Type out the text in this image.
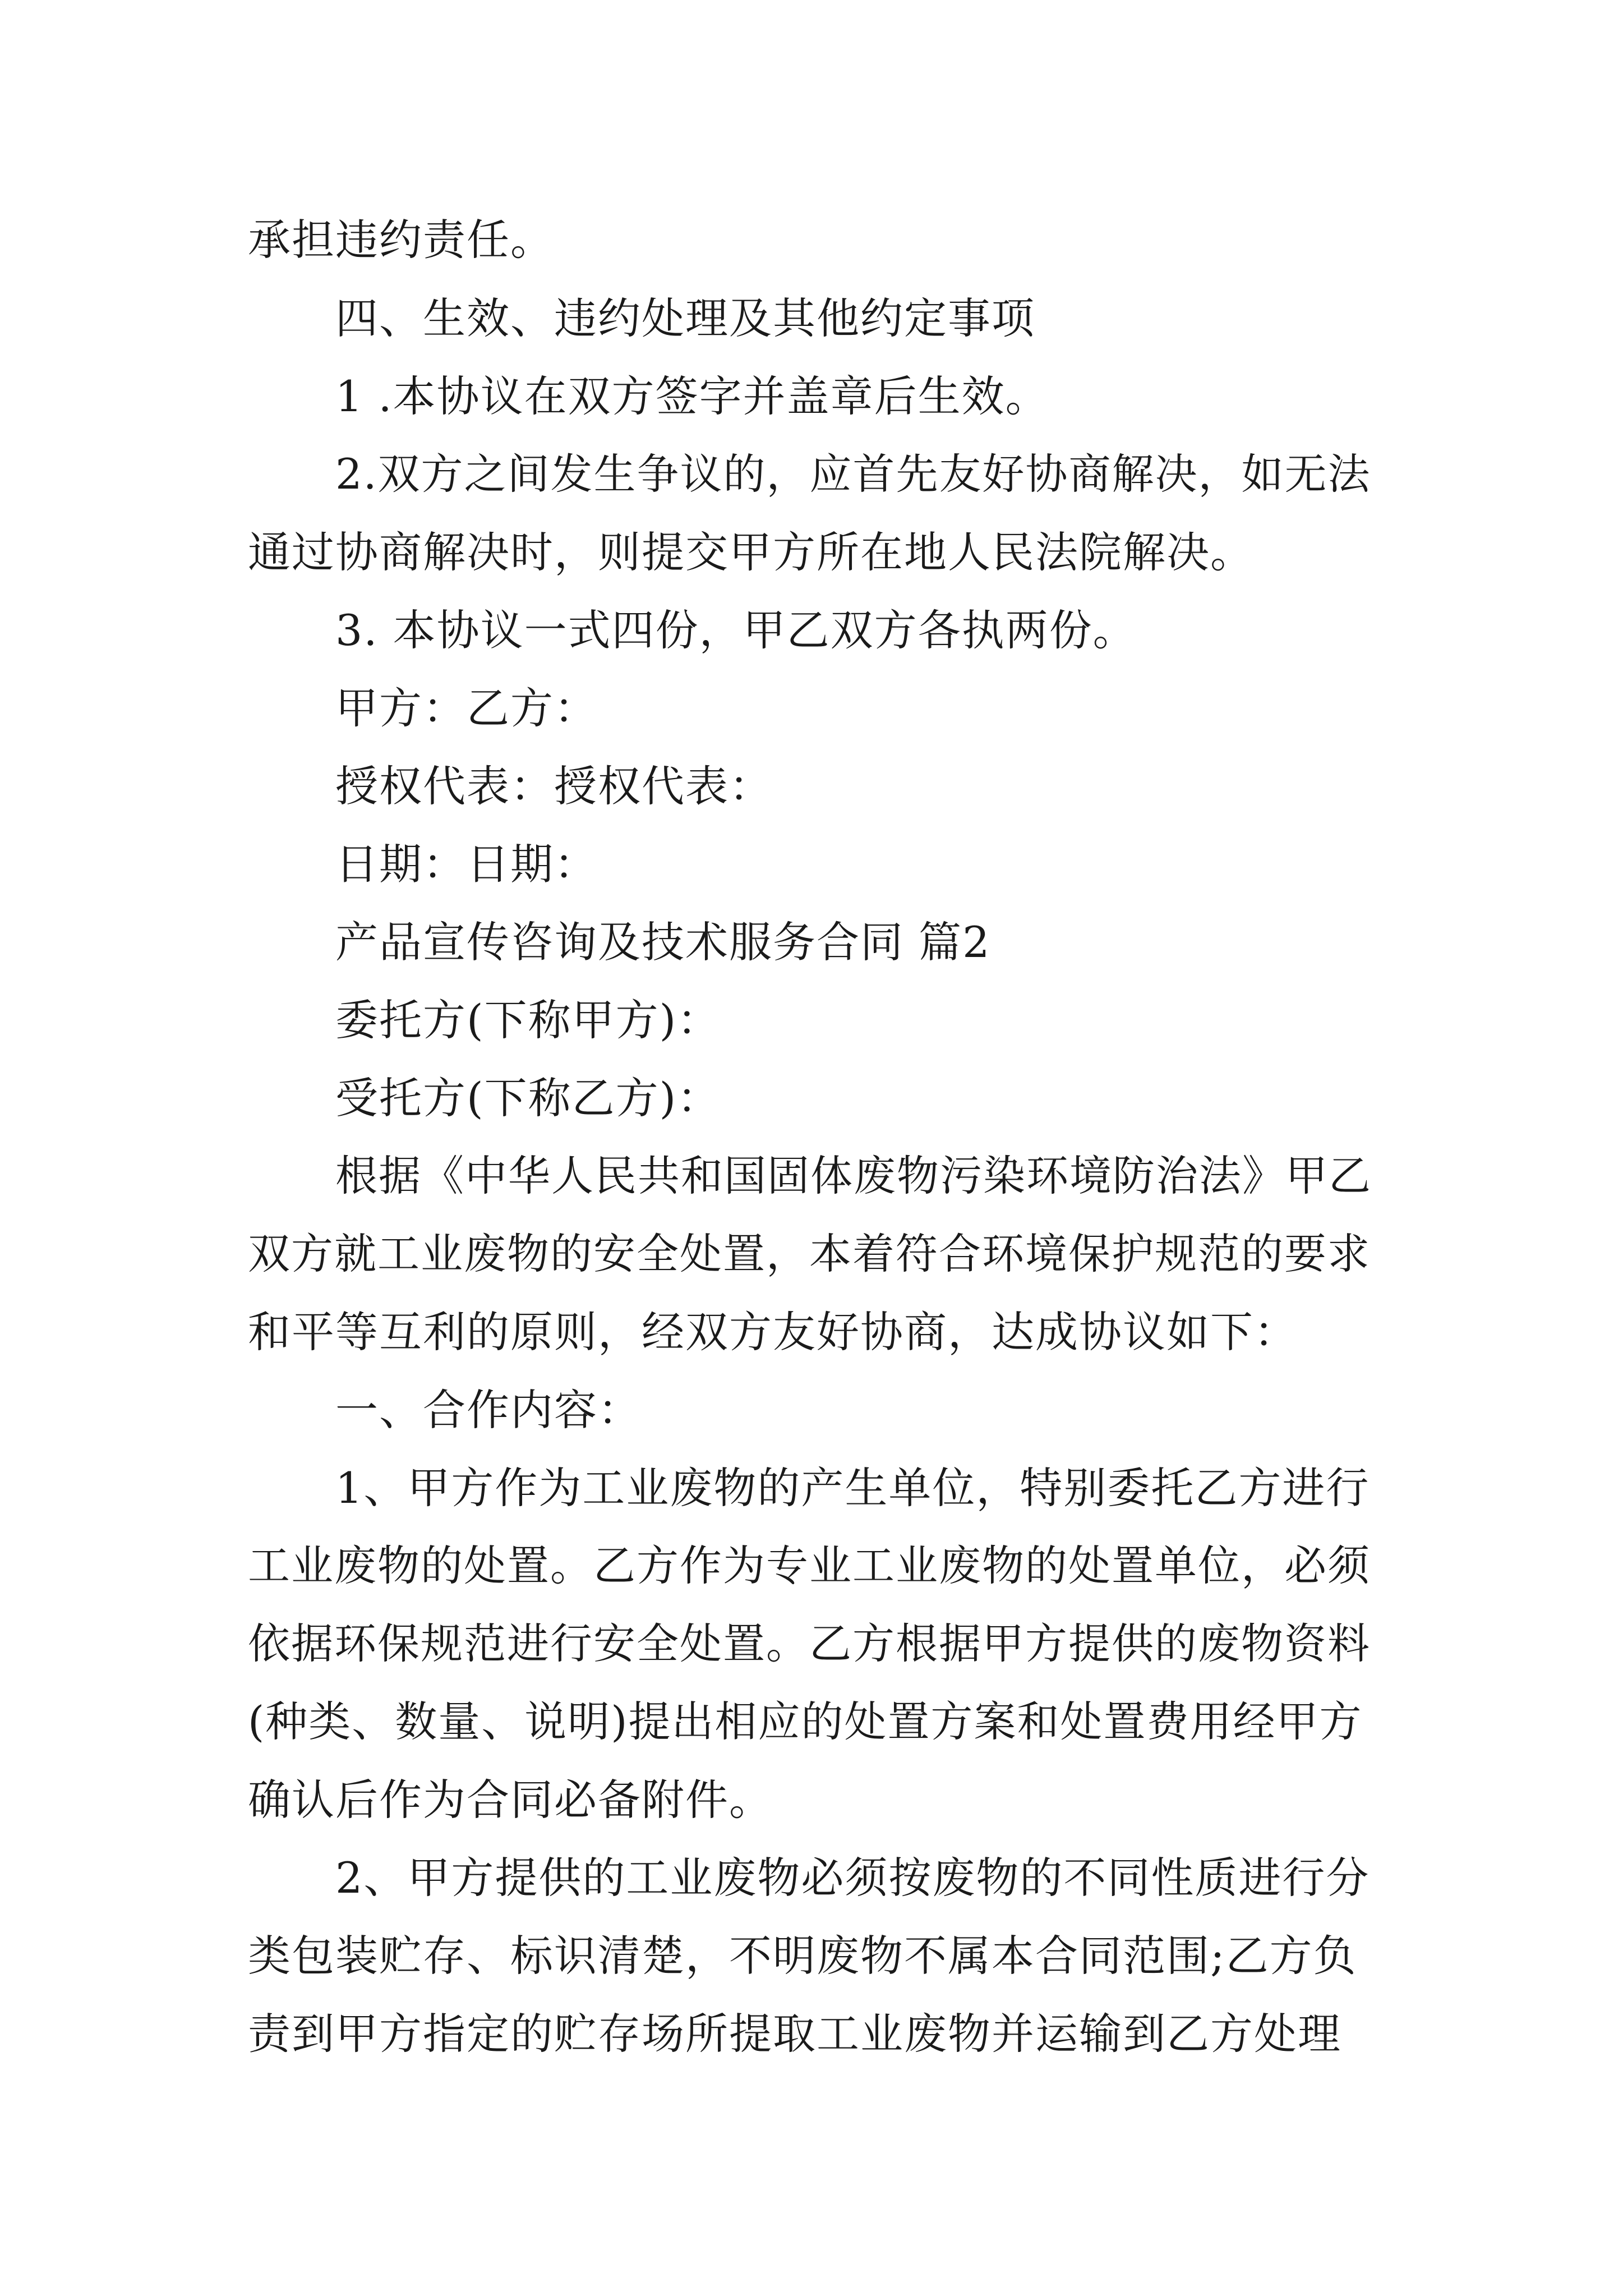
承担违约责任。
四、生效、违约处理及其他约定事项
1 .本协议在双方签字并盖章后生效。
2.双方之间发生争议的，应首先友好协商解决，如无法
通过协商解决时，则提交甲方所在地人民法院解决。
3. 本协议一式四份，甲乙双方各执两份。
甲方：乙方：
授权代表：授权代表：
日期：日期：
产品宣传咨询及技术服务合同 篇2
委托方(下称甲方)：
受托方(下称乙方)：
根据《中华人民共和国固体废物污染环境防治法》甲乙
双方就工业废物的安全处置，本着符合环境保护规范的要求
和平等互利的原则，经双方友好协商，达成协议如下：
一、合作内容：
1、甲方作为工业废物的产生单位，特别委托乙方进行
工业废物的处置。乙方作为专业工业废物的处置单位，必须
依据环保规范进行安全处置。乙方根据甲方提供的废物资料
(种类、数量、说明)提出相应的处置方案和处置费用经甲方
确认后作为合同必备附件。
2、甲方提供的工业废物必须按废物的不同性质进行分
类包装贮存、标识清楚，不明废物不属本合同范围;乙方负
责到甲方指定的贮存场所提取工业废物并运输到乙方处理
